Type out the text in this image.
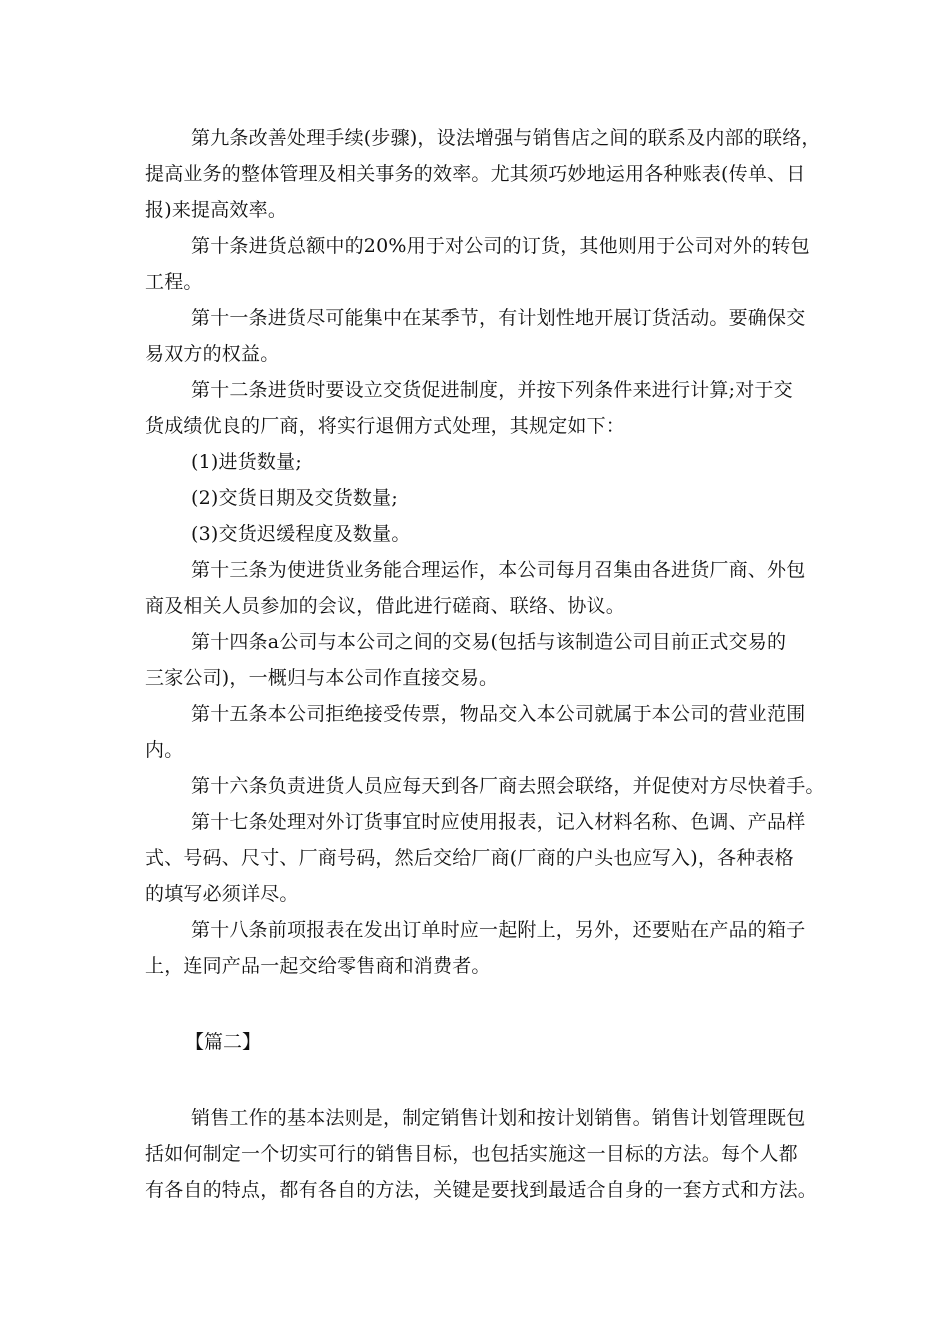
第九条改善处理手续(步骤)，设法增强与销售店之间的联系及内部的联络，
提高业务的整体管理及相关事务的效率。尤其须巧妙地运用各种账表(传单、日
报)来提高效率。
第十条进货总额中的20%用于对公司的订货，其他则用于公司对外的转包
工程。
第十一条进货尽可能集中在某季节，有计划性地开展订货活动。要确保交
易双方的权益。
第十二条进货时要设立交货促进制度，并按下列条件来进行计算;对于交
货成绩优良的厂商，将实行退佣方式处理，其规定如下：
(1)进货数量;
(2)交货日期及交货数量;
(3)交货迟缓程度及数量。
第十三条为使进货业务能合理运作，本公司每月召集由各进货厂商、外包
商及相关人员参加的会议，借此进行磋商、联络、协议。
第十四条a公司与本公司之间的交易(包括与该制造公司目前正式交易的
三家公司)，一概归与本公司作直接交易。
第十五条本公司拒绝接受传票，物品交入本公司就属于本公司的营业范围
内。
第十六条负责进货人员应每天到各厂商去照会联络，并促使对方尽快着手。
第十七条处理对外订货事宜时应使用报表，记入材料名称、色调、产品样
式、号码、尺寸、厂商号码，然后交给厂商(厂商的户头也应写入)，各种表格
的填写必须详尽。
第十八条前项报表在发出订单时应一起附上，另外，还要贴在产品的箱子
上，连同产品一起交给零售商和消费者。
【篇二】
销售工作的基本法则是，制定销售计划和按计划销售。销售计划管理既包
括如何制定一个切实可行的销售目标，也包括实施这一目标的方法。每个人都
有各自的特点，都有各自的方法，关键是要找到最适合自身的一套方式和方法。
